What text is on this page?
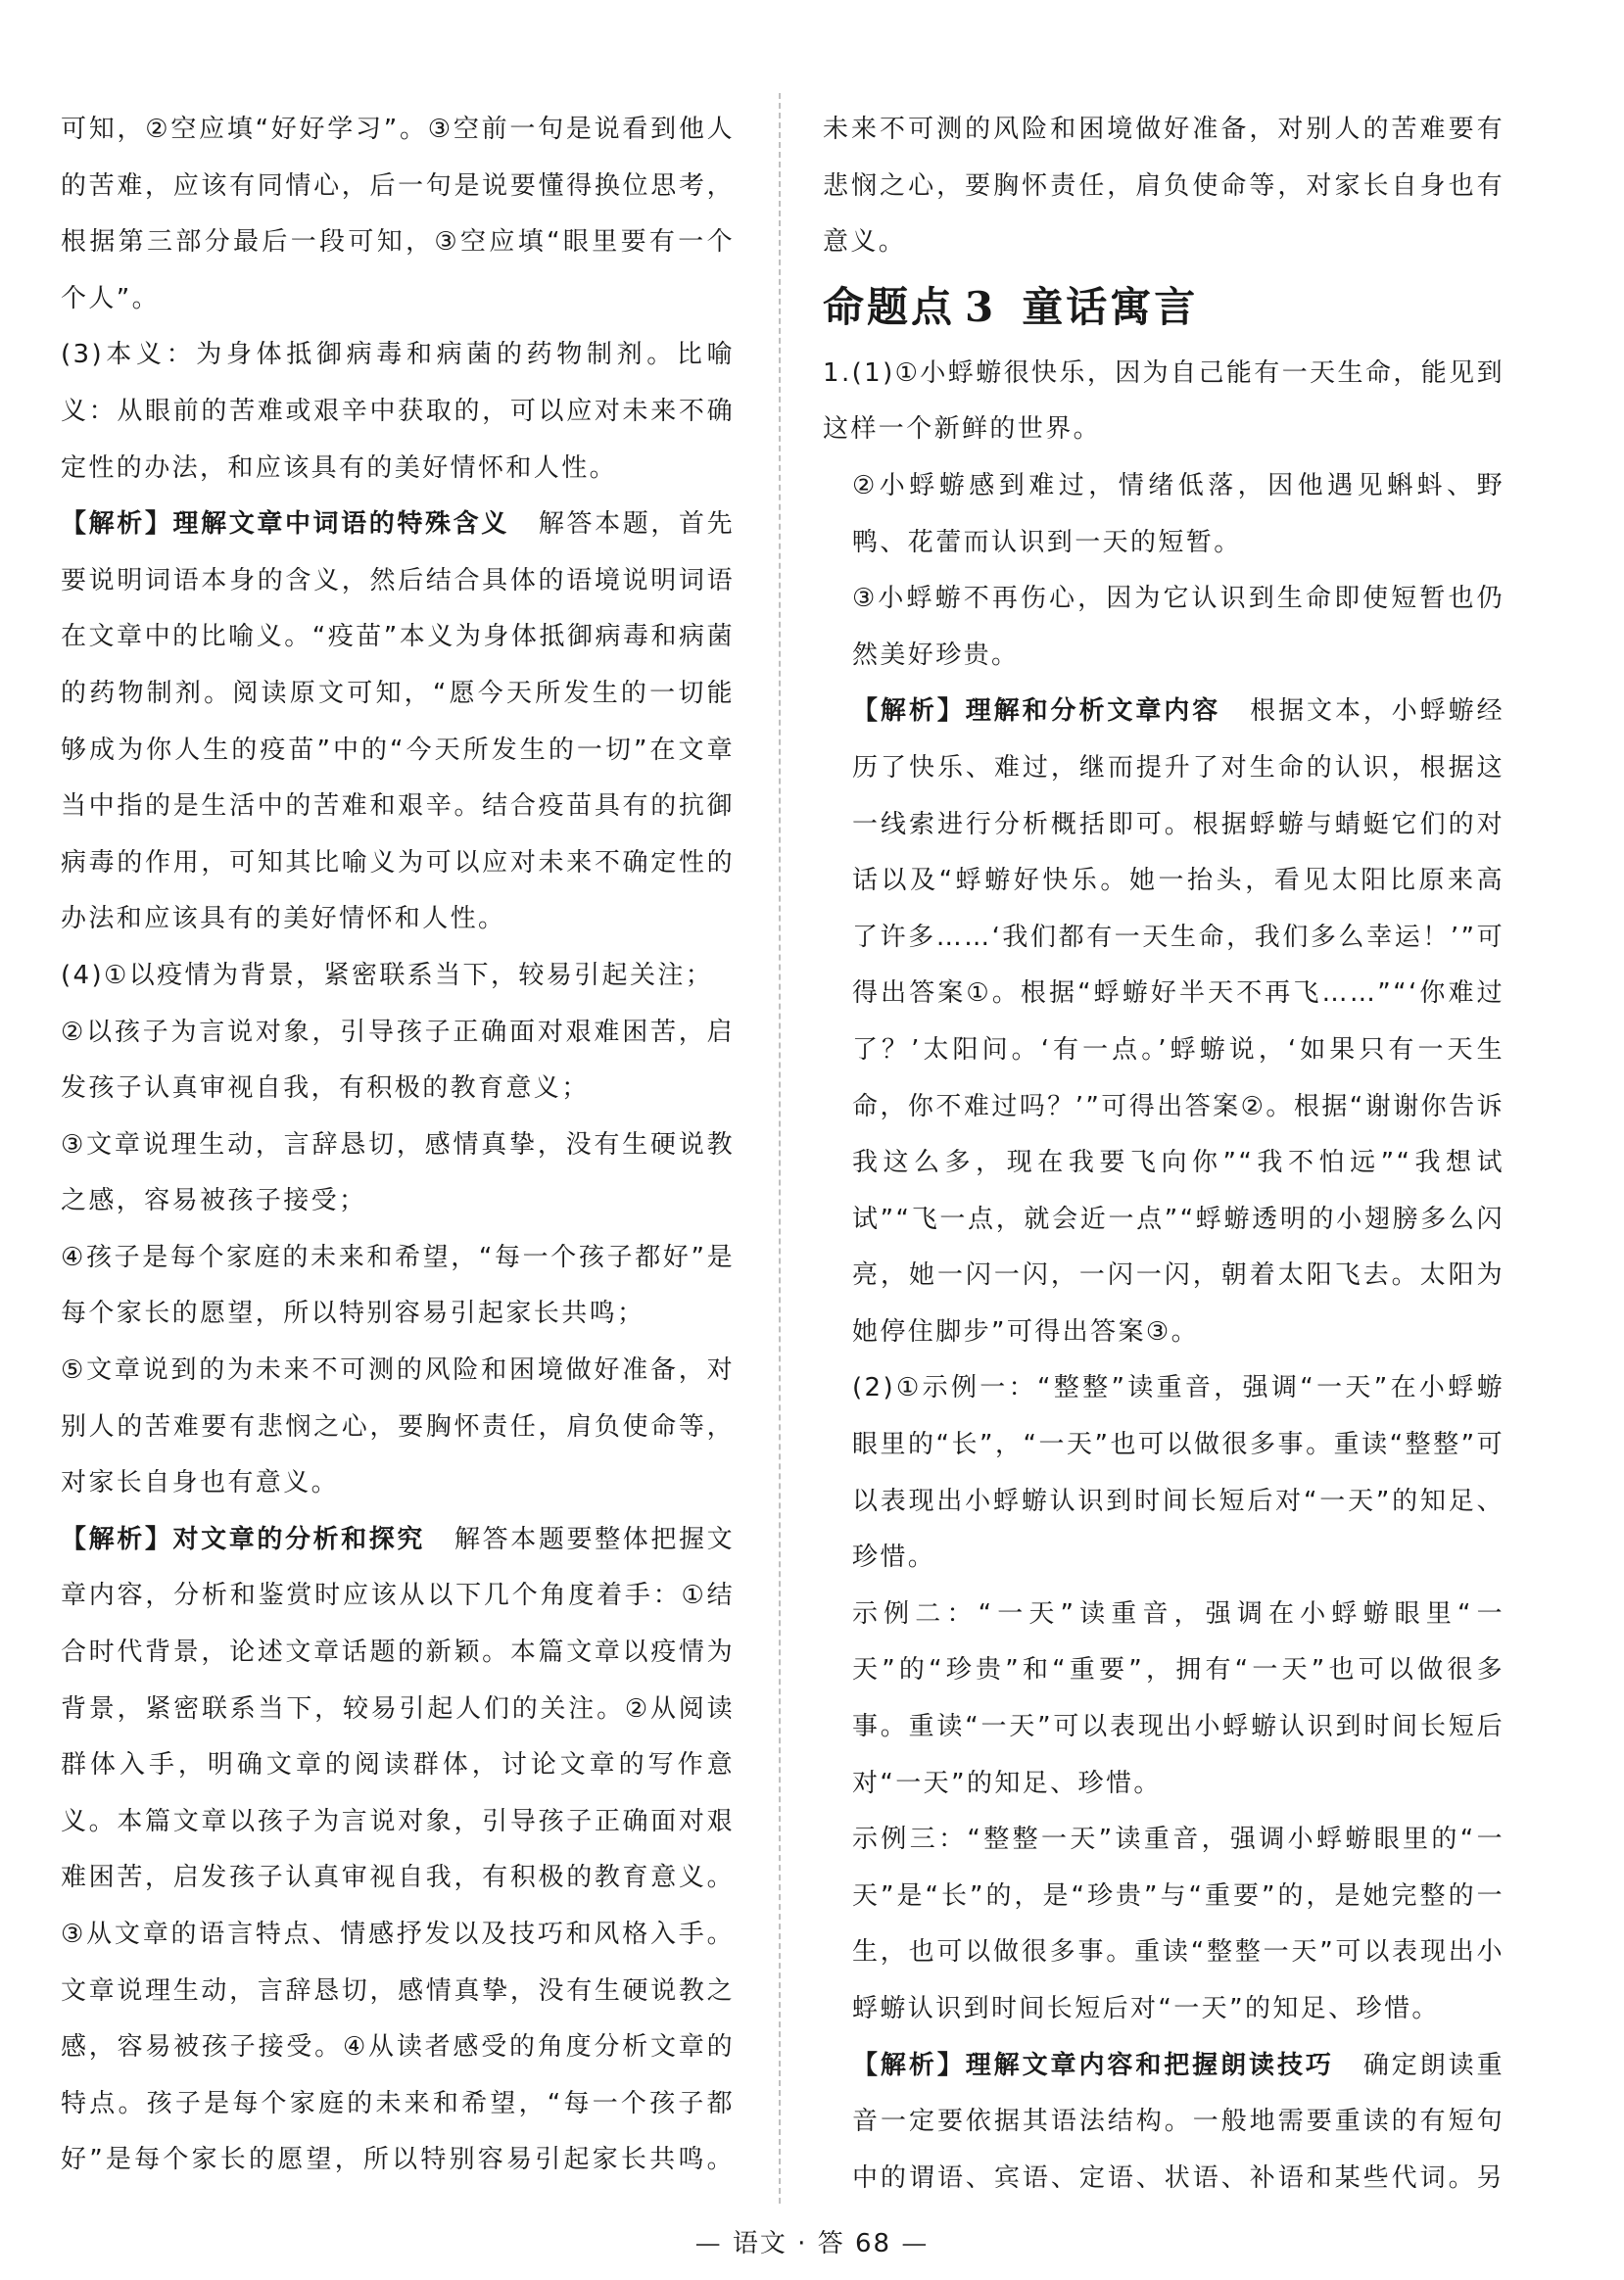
可知，②空应填“好好学习”。③空前一句是说看到他人的苦难，应该有同情心，后一句是说要懂得换位思考，根据第三部分最后一段可知，③空应填“眼里要有一个个人”。

(3)本义：为身体抵御病毒和病菌的药物制剂。比喻义：从眼前的苦难或艰辛中获取的，可以应对未来不确定性的办法，和应该具有的美好情怀和人性。

【解析】理解文章中词语的特殊含义 解答本题，首先要说明词语本身的含义，然后结合具体的语境说明词语在文章中的比喻义。“疫苗”本义为身体抵御病毒和病菌的药物制剂。阅读原文可知，“愿今天所发生的一切能够成为你人生的疫苗”中的“今天所发生的一切”在文章当中指的是生活中的苦难和艰辛。结合疫苗具有的抗御病毒的作用，可知其比喻义为可以应对未来不确定性的办法和应该具有的美好情怀和人性。

(4)①以疫情为背景，紧密联系当下，较易引起关注；

②以孩子为言说对象，引导孩子正确面对艰难困苦，启发孩子认真审视自我，有积极的教育意义；

③文章说理生动，言辞恳切，感情真挚，没有生硬说教之感，容易被孩子接受；

④孩子是每个家庭的未来和希望，“每一个孩子都好”是每个家长的愿望，所以特别容易引起家长共鸣；

⑤文章说到的为未来不可测的风险和困境做好准备，对别人的苦难要有悲悯之心，要胸怀责任，肩负使命等，对家长自身也有意义。

【解析】对文章的分析和探究 解答本题要整体把握文章内容，分析和鉴赏时应该从以下几个角度着手：①结合时代背景，论述文章话题的新颖。本篇文章以疫情为背景，紧密联系当下，较易引起人们的关注。②从阅读群体入手，明确文章的阅读群体，讨论文章的写作意义。本篇文章以孩子为言说对象，引导孩子正确面对艰难困苦，启发孩子认真审视自我，有积极的教育意义。③从文章的语言特点、情感抒发以及技巧和风格入手。文章说理生动，言辞恳切，感情真挚，没有生硬说教之感，容易被孩子接受。④从读者感受的角度分析文章的特点。孩子是每个家庭的未来和希望，“每一个孩子都好”是每个家长的愿望，所以特别容易引起家长共鸣。

未来不可测的风险和困境做好准备，对别人的苦难要有悲悯之心，要胸怀责任，肩负使命等，对家长自身也有意义。

命题点 3 童话寓言

1.(1)①小蜉蝣很快乐，因为自己能有一天生命，能见到这样一个新鲜的世界。

②小蜉蝣感到难过，情绪低落，因他遇见蝌蚪、野鸭、花蕾而认识到一天的短暂。

③小蜉蝣不再伤心，因为它认识到生命即使短暂也仍然美好珍贵。

【解析】理解和分析文章内容 根据文本，小蜉蝣经历了快乐、难过，继而提升了对生命的认识，根据这一线索进行分析概括即可。根据蜉蝣与蜻蜓它们的对话以及“蜉蝣好快乐。她一抬头，看见太阳比原来高了许多……‘我们都有一天生命，我们多么幸运！’”可得出答案①。根据“蜉蝣好半天不再飞……”“‘你难过了？’太阳问。‘有一点。’蜉蝣说，‘如果只有一天生命，你不难过吗？’”可得出答案②。根据“谢谢你告诉我这么多，现在我要飞向你”“我不怕远”“我想试试”“飞一点，就会近一点”“蜉蝣透明的小翅膀多么闪亮，她一闪一闪，一闪一闪，朝着太阳飞去。太阳为她停住脚步”可得出答案③。

(2)①示例一：“整整”读重音，强调“一天”在小蜉蝣眼里的“长”，“一天”也可以做很多事。重读“整整”可以表现出小蜉蝣认识到时间长短后对“一天”的知足、珍惜。

示例二：“一天”读重音，强调在小蜉蝣眼里“一天”的“珍贵”和“重要”，拥有“一天”也可以做很多事。重读“一天”可以表现出小蜉蝣认识到时间长短后对“一天”的知足、珍惜。

示例三：“整整一天”读重音，强调小蜉蝣眼里的“一天”是“长”的，是“珍贵”与“重要”的，是她完整的一生，也可以做很多事。重读“整整一天”可以表现出小蜉蝣认识到时间长短后对“一天”的知足、珍惜。

【解析】理解文章内容和把握朗读技巧 确定朗读重音一定要依据其语法结构。一般地需要重读的有短句中的谓语、宾语、定语、状语、补语和某些代词。另

— 语文 · 答 68 —
